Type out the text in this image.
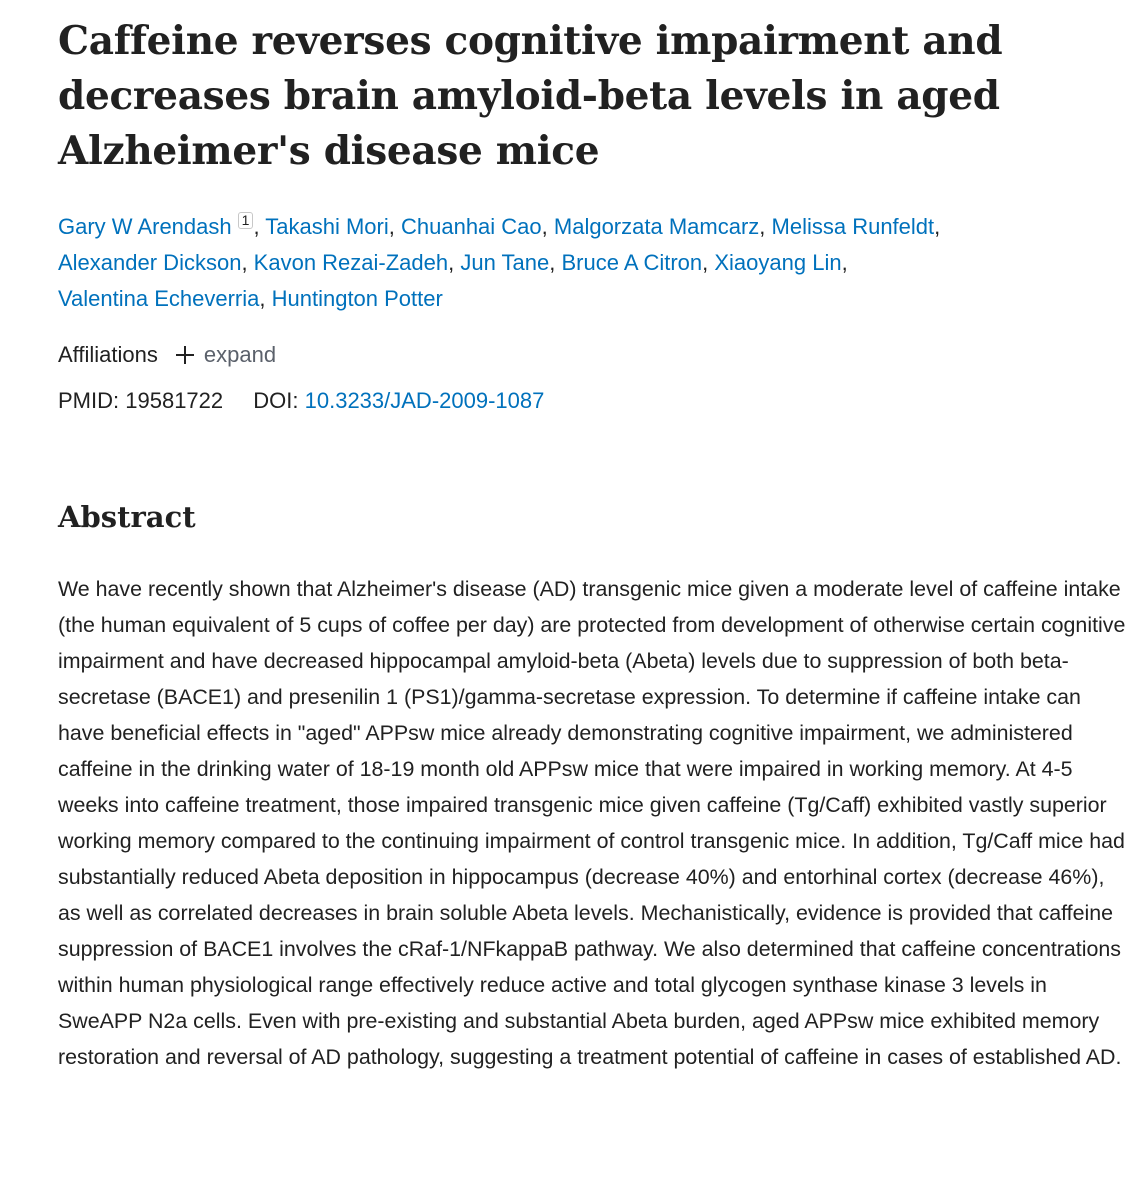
Caffeine reverses cognitive impairment and decreases brain amyloid-beta levels in aged Alzheimer's disease mice
Gary W Arendash 1 , Takashi Mori, Chuanhai Cao, Malgorzata Mamcarz, Melissa Runfeldt,
Alexander Dickson, Kavon Rezai-Zadeh, Jun Tane, Bruce A Citron, Xiaoyang Lin,
Valentina Echeverria, Huntington Potter
Affiliations expand
PMID: 19581722 DOI: 10.3233/JAD-2009-1087
Abstract
We have recently shown that Alzheimer's disease (AD) transgenic mice given a moderate level of caffeine intake (the human equivalent of 5 cups of coffee per day) are protected from development of otherwise certain cognitive impairment and have decreased hippocampal amyloid-beta (Abeta) levels due to suppression of both beta-secretase (BACE1) and presenilin 1 (PS1)/gamma-secretase expression. To determine if caffeine intake can have beneficial effects in "aged" APPsw mice already demonstrating cognitive impairment, we administered caffeine in the drinking water of 18-19 month old APPsw mice that were impaired in working memory. At 4-5 weeks into caffeine treatment, those impaired transgenic mice given caffeine (Tg/Caff) exhibited vastly superior working memory compared to the continuing impairment of control transgenic mice. In addition, Tg/Caff mice had substantially reduced Abeta deposition in hippocampus (decrease 40%) and entorhinal cortex (decrease 46%), as well as correlated decreases in brain soluble Abeta levels. Mechanistically, evidence is provided that caffeine suppression of BACE1 involves the cRaf-1/NFkappaB pathway. We also determined that caffeine concentrations within human physiological range effectively reduce active and total glycogen synthase kinase 3 levels in SweAPP N2a cells. Even with pre-existing and substantial Abeta burden, aged APPsw mice exhibited memory restoration and reversal of AD pathology, suggesting a treatment potential of caffeine in cases of established AD.
